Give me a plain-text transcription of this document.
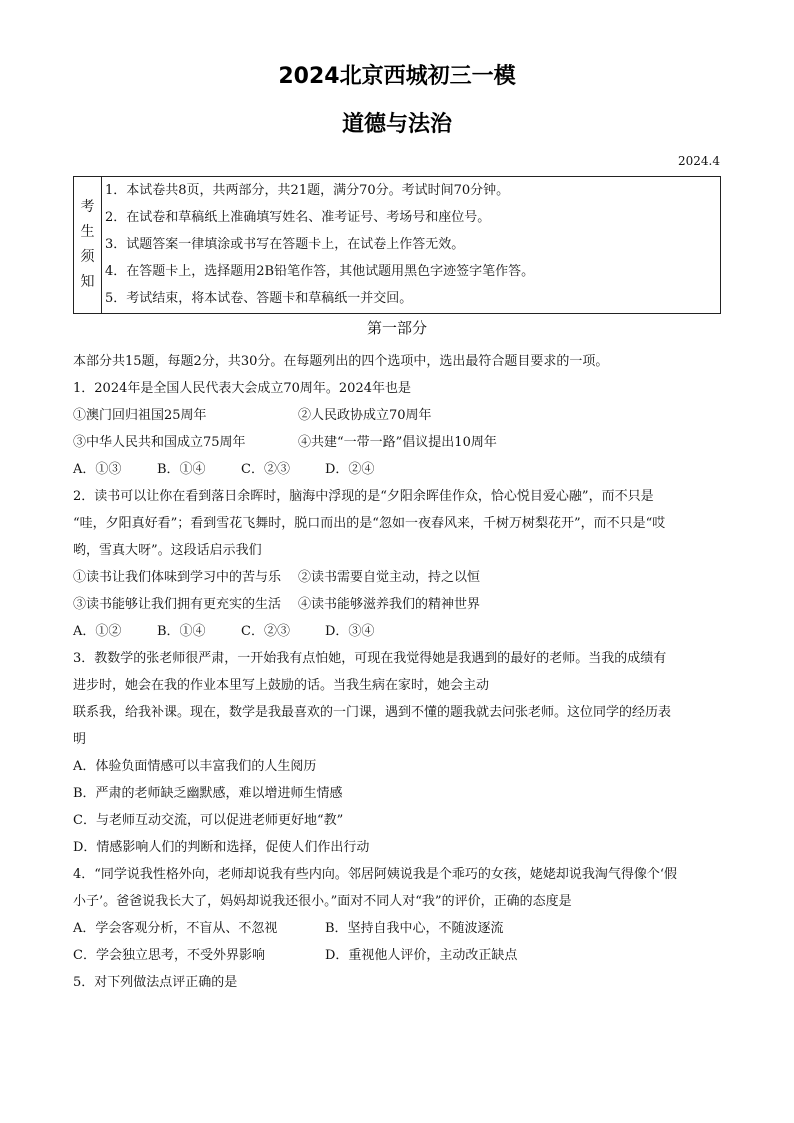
2024北京西城初三一模
道德与法治
2024.4
考
生
须
知
1．本试卷共8页，共两部分，共21题，满分70分。考试时间70分钟。
2．在试卷和草稿纸上准确填写姓名、准考证号、考场号和座位号。
3．试题答案一律填涂或书写在答题卡上，在试卷上作答无效。
4．在答题卡上，选择题用2B铅笔作答，其他试题用黑色字迹签字笔作答。
5．考试结束，将本试卷、答题卡和草稿纸一并交回。
第一部分
本部分共15题，每题2分，共30分。在每题列出的四个选项中，选出最符合题目要求的一项。
1．2024年是全国人民代表大会成立70周年。2024年也是
①澳门回归祖国25周年	②人民政协成立70周年
③中华人民共和国成立75周年	④共建“一带一路”倡议提出10周年
A．①③	B．①④	C．②③	D．②④
2．读书可以让你在看到落日余晖时，脑海中浮现的是“夕阳余晖佳作众，恰心悦目爱心融”，而不只是
“哇，夕阳真好看”；看到雪花飞舞时，脱口而出的是“忽如一夜春风来，千树万树梨花开”，而不只是“哎
哟，雪真大呀”。这段话启示我们
①读书让我们体味到学习中的苦与乐	②读书需要自觉主动，持之以恒
③读书能够让我们拥有更充实的生活	④读书能够滋养我们的精神世界
A．①②	B．①④	C．②③	D．③④
3．教数学的张老师很严肃，一开始我有点怕她，可现在我觉得她是我遇到的最好的老师。当我的成绩有
进步时，她会在我的作业本里写上鼓励的话。当我生病在家时，她会主动
联系我，给我补课。现在，数学是我最喜欢的一门课，遇到不懂的题我就去问张老师。这位同学的经历表
明
A．体验负面情感可以丰富我们的人生阅历
B．严肃的老师缺乏幽默感，难以增进师生情感
C．与老师互动交流，可以促进老师更好地“教”
D．情感影响人们的判断和选择，促使人们作出行动
4．“同学说我性格外向，老师却说我有些内向。邻居阿姨说我是个乖巧的女孩，姥姥却说我淘气得像个‘假
小子’。爸爸说我长大了，妈妈却说我还很小。”面对不同人对“我”的评价，正确的态度是
A．学会客观分析，不盲从、不忽视	B．坚持自我中心，不随波逐流
C．学会独立思考，不受外界影响	D．重视他人评价，主动改正缺点
5．对下列做法点评正确的是
